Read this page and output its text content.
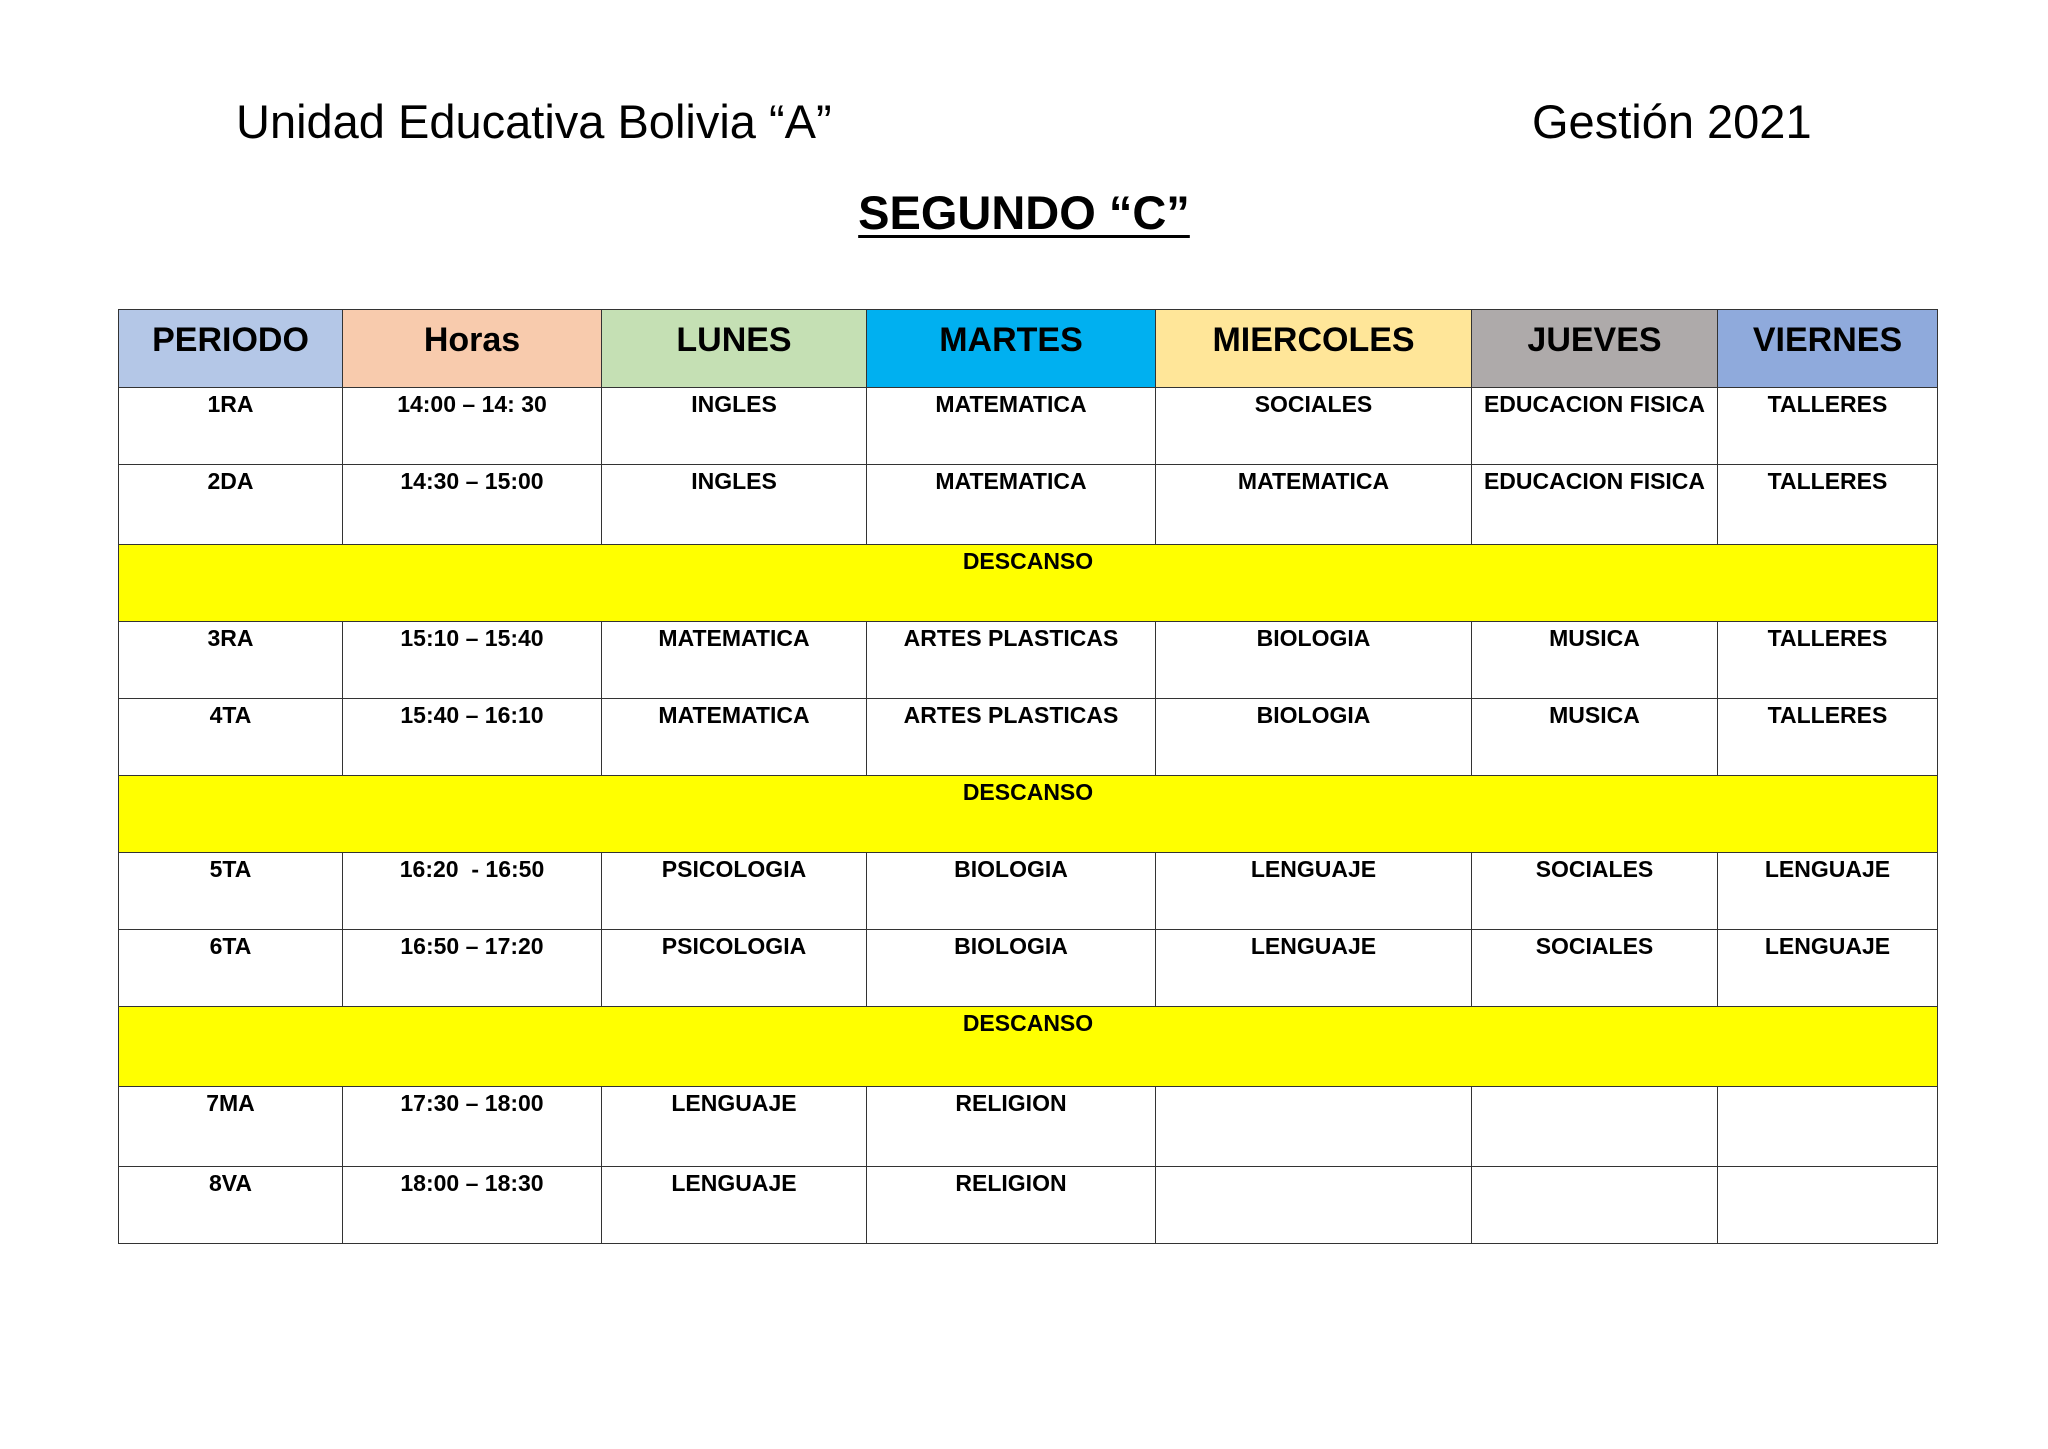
Unidad Educativa Bolivia “A”	Gestión 2021
SEGUNDO “C”
PERIODO	Horas	LUNES	MARTES	MIERCOLES	JUEVES	VIERNES
1RA	14:00 – 14: 30	INGLES	MATEMATICA	SOCIALES	EDUCACION FISICA	TALLERES
2DA	14:30 – 15:00	INGLES	MATEMATICA	MATEMATICA	EDUCACION FISICA	TALLERES
DESCANSO						
3RA	15:10 – 15:40	MATEMATICA	ARTES PLASTICAS	BIOLOGIA	MUSICA	TALLERES
4TA	15:40 – 16:10	MATEMATICA	ARTES PLASTICAS	BIOLOGIA	MUSICA	TALLERES
DESCANSO						
5TA	16:20  - 16:50	PSICOLOGIA	BIOLOGIA	LENGUAJE	SOCIALES	LENGUAJE
6TA	16:50 – 17:20	PSICOLOGIA	BIOLOGIA	LENGUAJE	SOCIALES	LENGUAJE
DESCANSO						
7MA	17:30 – 18:00	LENGUAJE	RELIGION			
8VA	18:00 – 18:30	LENGUAJE	RELIGION			
